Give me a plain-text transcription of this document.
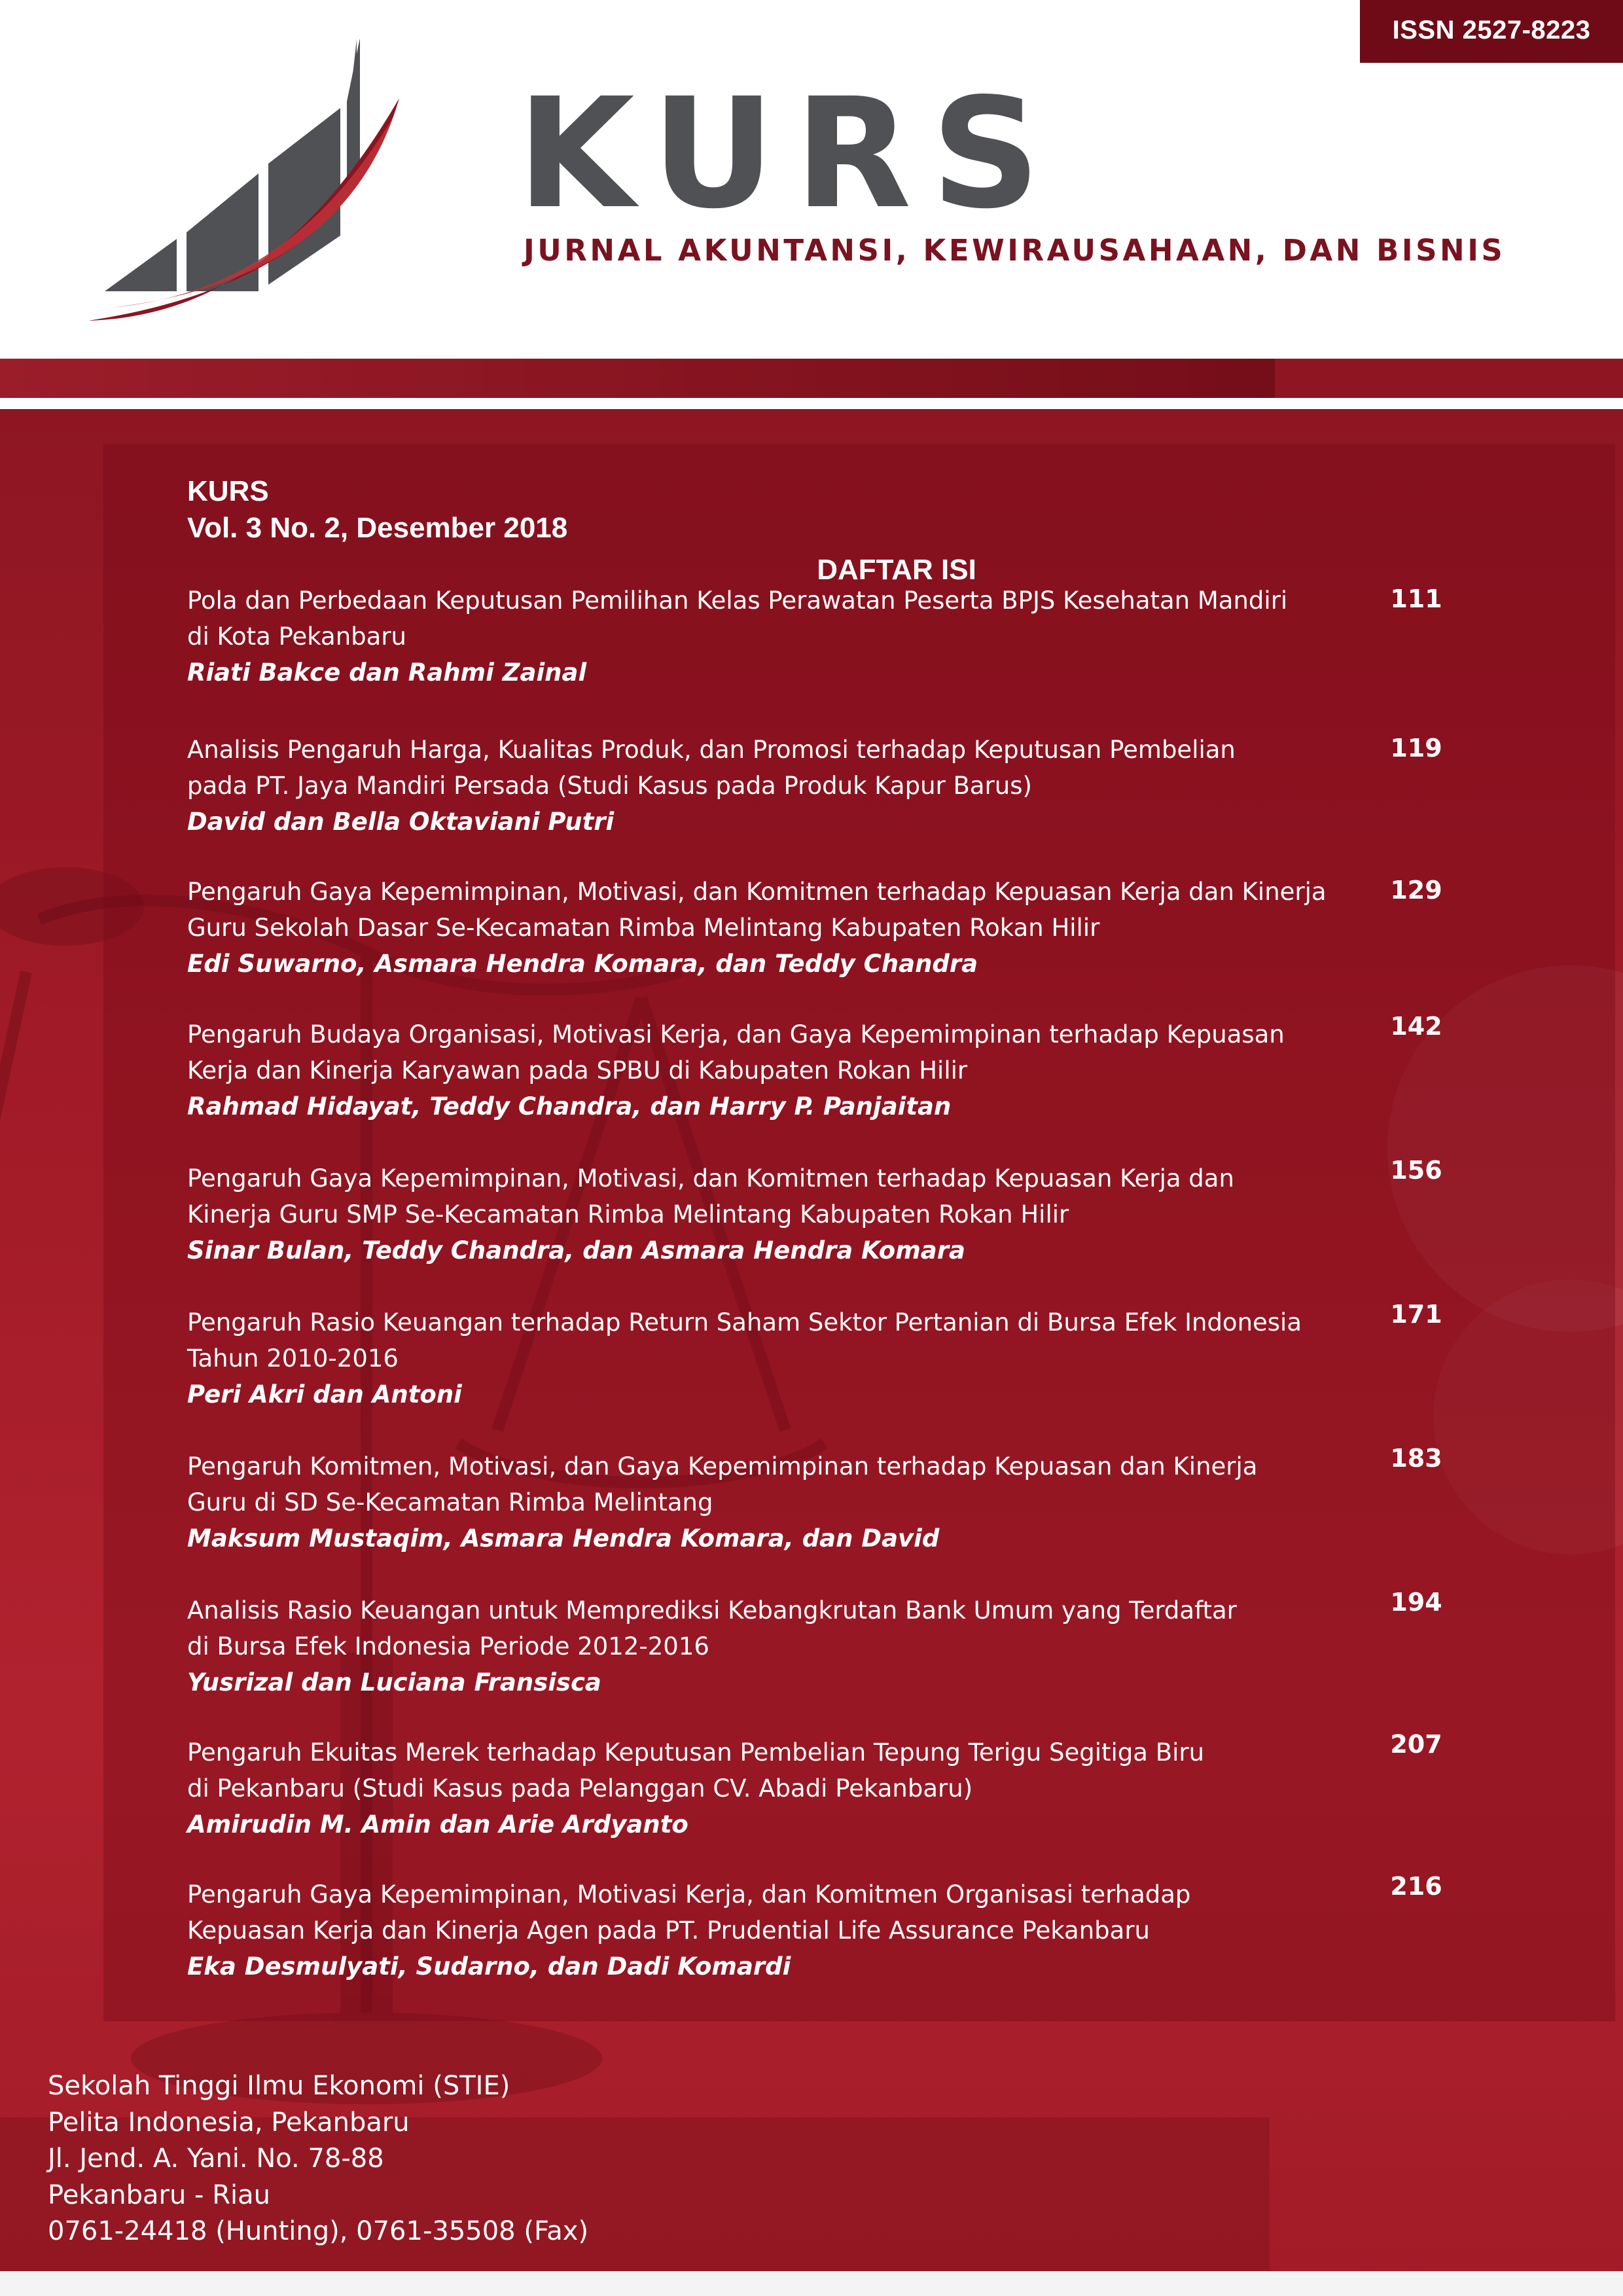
ISSN 2527-8223
KURS
JURNAL AKUNTANSI, KEWIRAUSAHAAN, DAN BISNIS
KURS
Vol. 3 No. 2, Desember 2018
DAFTAR ISI
Pola dan Perbedaan Keputusan Pemilihan Kelas Perawatan Peserta BPJS Kesehatan Mandiri
di Kota Pekanbaru
Riati Bakce dan Rahmi Zainal
111
Analisis Pengaruh Harga, Kualitas Produk, dan Promosi terhadap Keputusan Pembelian
pada PT. Jaya Mandiri Persada (Studi Kasus pada Produk Kapur Barus)
David dan Bella Oktaviani Putri
119
Pengaruh Gaya Kepemimpinan, Motivasi, dan Komitmen terhadap Kepuasan Kerja dan Kinerja
Guru Sekolah Dasar Se-Kecamatan Rimba Melintang Kabupaten Rokan Hilir
Edi Suwarno, Asmara Hendra Komara, dan Teddy Chandra
129
Pengaruh Budaya Organisasi, Motivasi Kerja, dan Gaya Kepemimpinan terhadap Kepuasan
Kerja dan Kinerja Karyawan pada SPBU di Kabupaten Rokan Hilir
Rahmad Hidayat, Teddy Chandra, dan Harry P. Panjaitan
142
Pengaruh Gaya Kepemimpinan, Motivasi, dan Komitmen terhadap Kepuasan Kerja dan
Kinerja Guru SMP Se-Kecamatan Rimba Melintang Kabupaten Rokan Hilir
Sinar Bulan, Teddy Chandra, dan Asmara Hendra Komara
156
Pengaruh Rasio Keuangan terhadap Return Saham Sektor Pertanian di Bursa Efek Indonesia
Tahun 2010-2016
Peri Akri dan Antoni
171
Pengaruh Komitmen, Motivasi, dan Gaya Kepemimpinan terhadap Kepuasan dan Kinerja
Guru di SD Se-Kecamatan Rimba Melintang
Maksum Mustaqim, Asmara Hendra Komara, dan David
183
Analisis Rasio Keuangan untuk Memprediksi Kebangkrutan Bank Umum yang Terdaftar
di Bursa Efek Indonesia Periode 2012-2016
Yusrizal dan Luciana Fransisca
194
Pengaruh Ekuitas Merek terhadap Keputusan Pembelian Tepung Terigu Segitiga Biru
di Pekanbaru (Studi Kasus pada Pelanggan CV. Abadi Pekanbaru)
Amirudin M. Amin dan Arie Ardyanto
207
Pengaruh Gaya Kepemimpinan, Motivasi Kerja, dan Komitmen Organisasi terhadap
Kepuasan Kerja dan Kinerja Agen pada PT. Prudential Life Assurance Pekanbaru
Eka Desmulyati, Sudarno, dan Dadi Komardi
216
Sekolah Tinggi Ilmu Ekonomi (STIE)
Pelita Indonesia, Pekanbaru
Jl. Jend. A. Yani. No. 78-88
Pekanbaru - Riau
0761-24418 (Hunting), 0761-35508 (Fax)
